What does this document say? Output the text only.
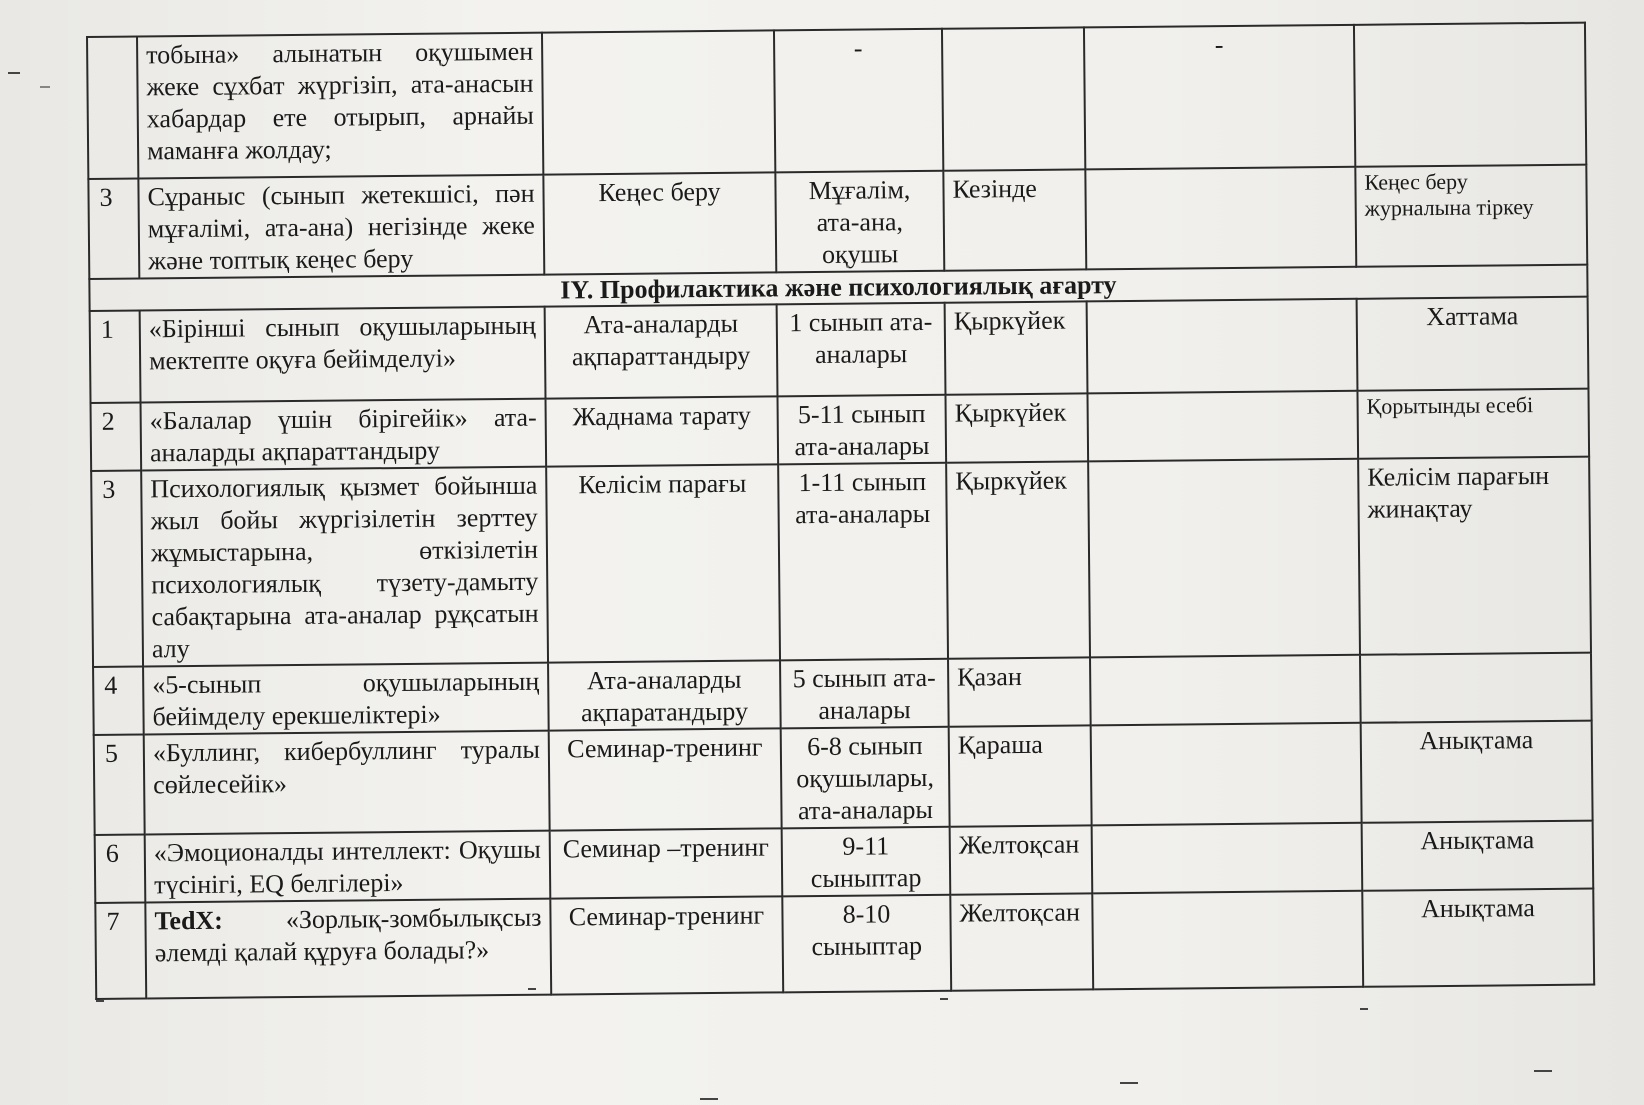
	тобына» алынатын оқушымен жеке сұхбат жүргізіп, ата-анасын хабардар ете отырып, арнайы маманға жолдау;		-		-	
3	Сұраныс (сынып жетекшісі, пән мұғалімі, ата-ана) негізінде жеке және топтық кеңес беру	Кеңес беру	Мұғалім, ата-ана, оқушы	Кезінде		Кеңес беру журналына тіркеу
IY. Профилактика және психологиялық ағарту						
1	«Бірінші сынып оқушыларының мектепте оқуға бейімделуі»	Ата-аналарды ақпараттандыру	1 сынып ата-аналары	Қыркүйек		Хаттама
2	«Балалар үшін бірігейік» ата-аналарды ақпараттандыру	Жаднама тарату	5-11 сынып ата-аналары	Қыркүйек		Қорытынды есебі
3	Психологиялық қызмет бойынша жыл бойы жүргізілетін зерттеу жұмыстарына, өткізілетін психологиялық түзету-дамыту сабақтарына ата-аналар рұқсатын алу	Келісім парағы	1-11 сынып ата-аналары	Қыркүйек		Келісім парағын жинақтау
4	«5-сынып оқушыларының бейімделу ерекшеліктері»	Ата-аналарды ақпаратандыру	5 сынып ата-аналары	Қазан		
5	«Буллинг, кибербуллинг туралы сөйлесейік»	Семинар-тренинг	6-8 сынып оқушылары, ата-аналары	Қараша		Анықтама
6	«Эмоционалды интеллект: Оқушы түсінігі, EQ белгілері»	Семинар –тренинг	9-11 сыныптар	Желтоқсан		Анықтама
7	TedX: «Зорлық-зомбылықсыз әлемді қалай құруға болады?»	Семинар-тренинг	8-10 сыныптар	Желтоқсан		Анықтама
